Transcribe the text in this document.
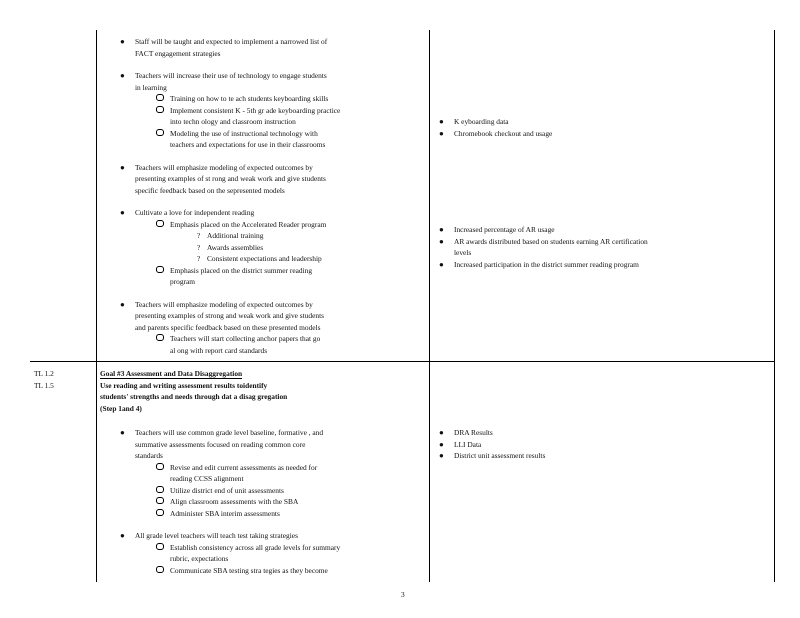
● Staff will be taught and expected to implement a narrowed list of
FACT engagement strategies
● Teachers will increase their use of technology to engage students
in learning
Training on how to te ach students keyboarding skills
Implement consistent K - 5th gr ade keyboarding practice
into techn ology and classroom instruction
Modeling the use of instructional technology with
teachers and expectations for use in their classrooms
● Teachers will emphasize modeling of expected outcomes by
presenting examples of st rong and weak work and give students
specific feedback based on the sepresented models
● Cultivate a love for independent reading
Emphasis placed on the Accelerated Reader program
? Additional training
? Awards assemblies
? Consistent expectations and leadership
Emphasis placed on the district summer reading
program
● Teachers will emphasize modeling of expected outcomes by
presenting examples of strong and weak work and give students
and parents specific feedback based on these presented models
Teachers will start collecting anchor papers that go
al ong with report card standards
● K eyboarding data
● Chromebook checkout and usage
● Increased percentage of AR usage
● AR awards distributed based on students earning AR certification
levels
● Increased participation in the district summer reading program
TL 1.2
TL 1.5
Goal #3 Assessment and Data Disaggregation
Use reading and writing assessment results toidentify
students' strengths and needs through dat a disag gregation
(Step 1and 4)
● Teachers will use common grade level baseline, formative , and
summative assessments focused on reading common core
standards
Revise and edit current assessments as needed for
reading CCSS alignment
Utilize district end of unit assessments
Align classroom assessments with the SBA
Administer SBA interim assessments
● All grade level teachers will teach test taking strategies
Establish consistency across all grade levels for summary
rubric, expectations
Communicate SBA testing stra tegies as they become
● DRA Results
● LLI Data
● District unit assessment results
3
